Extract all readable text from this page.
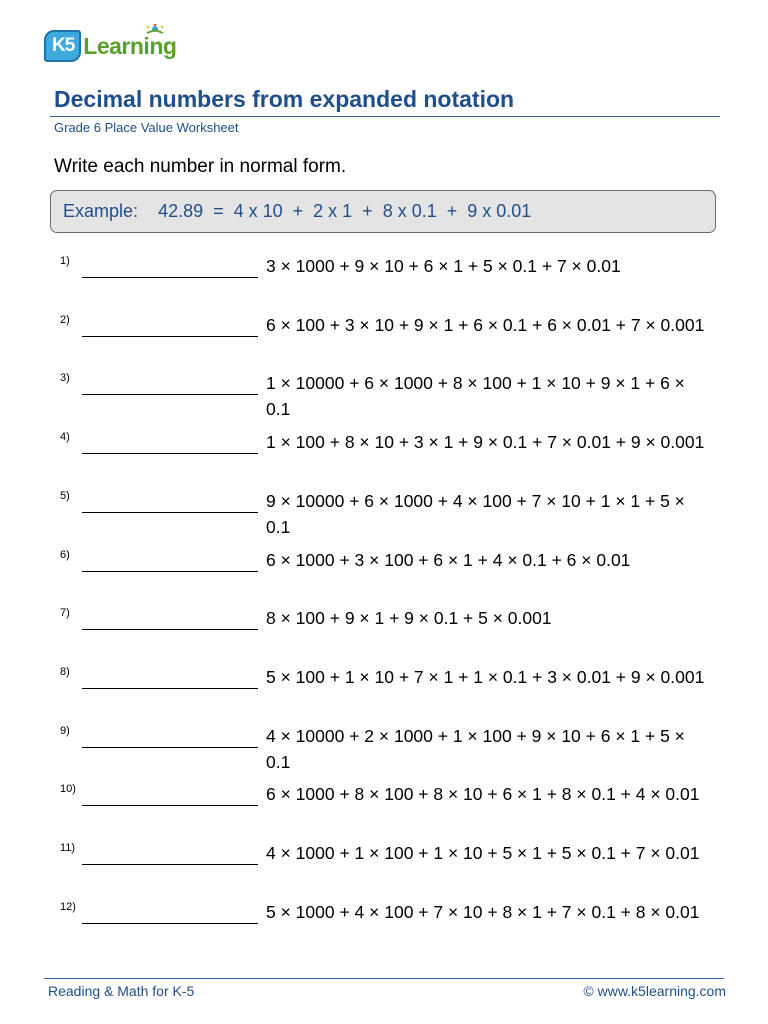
K5 Learning
Decimal numbers from expanded notation
Grade 6 Place Value Worksheet
Write each number in normal form.
Example:
42.89  =  4 x 10  +  2 x 1  +  8 x 0.1  +  9 x 0.01
1)	3 × 1000 + 9 × 10 + 6 × 1 + 5 × 0.1 + 7 × 0.01
2)	6 × 100 + 3 × 10 + 9 × 1 + 6 × 0.1 + 6 × 0.01 + 7 × 0.001
3)	1 × 10000 + 6 × 1000 + 8 × 100 + 1 × 10 + 9 × 1 + 6 × 0.1
4)	1 × 100 + 8 × 10 + 3 × 1 + 9 × 0.1 + 7 × 0.01 + 9 × 0.001
5)	9 × 10000 + 6 × 1000 + 4 × 100 + 7 × 10 + 1 × 1 + 5 × 0.1
6)	6 × 1000 + 3 × 100 + 6 × 1 + 4 × 0.1 + 6 × 0.01
7)	8 × 100 + 9 × 1 + 9 × 0.1 + 5 × 0.001
8)	5 × 100 + 1 × 10 + 7 × 1 + 1 × 0.1 + 3 × 0.01 + 9 × 0.001
9)	4 × 10000 + 2 × 1000 + 1 × 100 + 9 × 10 + 6 × 1 + 5 × 0.1
10)	6 × 1000 + 8 × 100 + 8 × 10 + 6 × 1 + 8 × 0.1 + 4 × 0.01
11)	4 × 1000 + 1 × 100 + 1 × 10 + 5 × 1 + 5 × 0.1 + 7 × 0.01
12)	5 × 1000 + 4 × 100 + 7 × 10 + 8 × 1 + 7 × 0.1 + 8 × 0.01
Reading & Math for K-5	© www.k5learning.com
